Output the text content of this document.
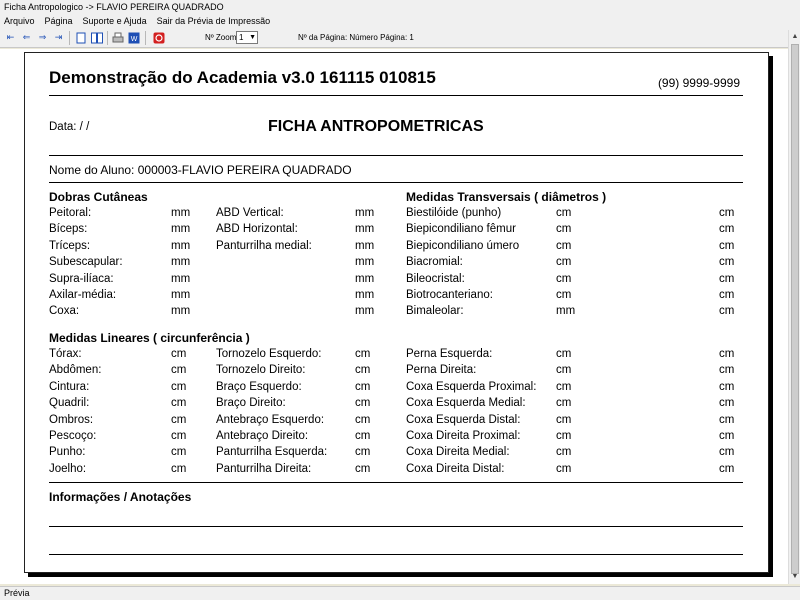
Ficha Antropologico -> FLAVIO PEREIRA QUADRADO
Arquivo Página Suporte e Ajuda Sair da Prévia de Impressão
⇤ ⇐ ⇒ ⇥	W	Nº Zoom 1 ▼	Nº da Página: Número Página: 1	▲
▼
Demonstração do Academia v3.0 161115 010815	(99) 9999-9999
Data: / /	FICHA ANTROPOMETRICAS
Nome do Aluno: 000003-FLAVIO PEREIRA QUADRADO
Dobras Cutâneas	Medidas Transversais ( diâmetros )
Peitoral:	mm ABD Vertical:	mm	Biestilóide (punho)	cm	cm
Bíceps:	mm ABD Horizontal:	mm	Biepicondiliano fêmur	cm	cm
Tríceps:	mm Panturrilha medial:	mm	Biepicondiliano úmero	cm	cm
Subescapular:	mm	mm	Biacromial:	cm	cm
Supra-ilíaca:	mm	mm	Bileocristal:	cm	cm
Axilar-média:	mm	mm	Biotrocanteriano:	cm	cm
Coxa:	mm	mm	Bimaleolar:	mm	cm
Medidas Lineares ( circunferência )
Tórax:	cm	Tornozelo Esquerdo:	cm	Perna Esquerda:	cm	cm
Abdômen:	cm	Tornozelo Direito:	cm	Perna Direita:	cm	cm
Cintura:	cm	Braço Esquerdo:	cm	Coxa Esquerda Proximal: cm	cm
Quadril:	cm	Braço Direito:	cm	Coxa Esquerda Medial:	cm	cm
Ombros:	cm	Antebraço Esquerdo:	cm	Coxa Esquerda Distal:	cm	cm
Pescoço:	cm	Antebraço Direito:	cm	Coxa Direita Proximal:	cm	cm
Punho:	cm	Panturrilha Esquerda: cm	Coxa Direita Medial:	cm	cm
Joelho:	cm	Panturrilha Direita:	cm	Coxa Direita Distal:	cm	cm
Informações / Anotações
Prévia
